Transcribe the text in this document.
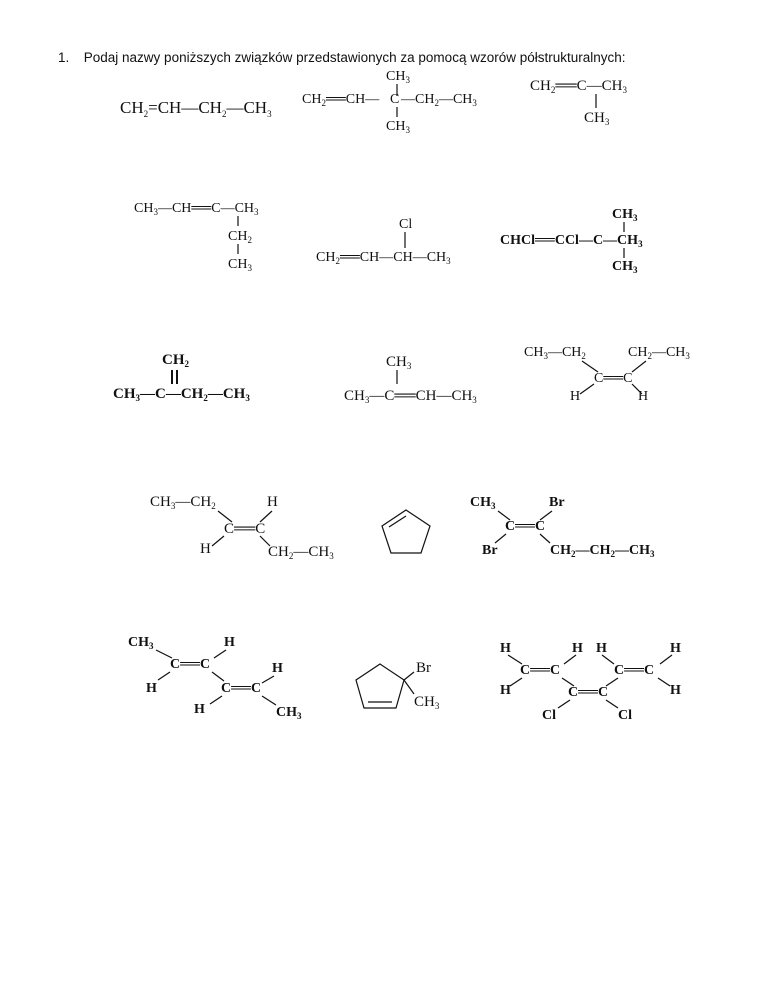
1. Podaj nazwy poniższych związków przedstawionych za pomocą wzorów półstrukturalnych:
$CH_2=CH—CH_2—CH_3$
$CH_3$
$CH_2══CH—$ C $—CH_2—CH_3$
$CH_3$
$CH_2══C—CH_3$
$CH_3$
$CH_3—CH══C—CH_3$
$CH_2$
$CH_3$
Cl
$CH_2══CH—CH—CH_3$
$CH_3$
$CHCl══CCl—C—CH_3$
$CH_3$
$CH_2$
$CH_3—C—CH_2—CH_3$
$CH_3$
$CH_3—C══CH—CH_3$
$CH_3—CH_2$	$CH_2—CH_3$
C══C
H	H
$CH_3—CH_2$	H
C══C
H	$CH_2—CH_3$
$CH_3$	Br
C══C
Br	$CH_2—CH_2—CH_3$
$CH_3$	H
C══C	H
H	C══C
H	$CH_3$
Br
$CH_3$
H	H H	H
C══C	C══C
H	H
C══C
Cl	Cl
